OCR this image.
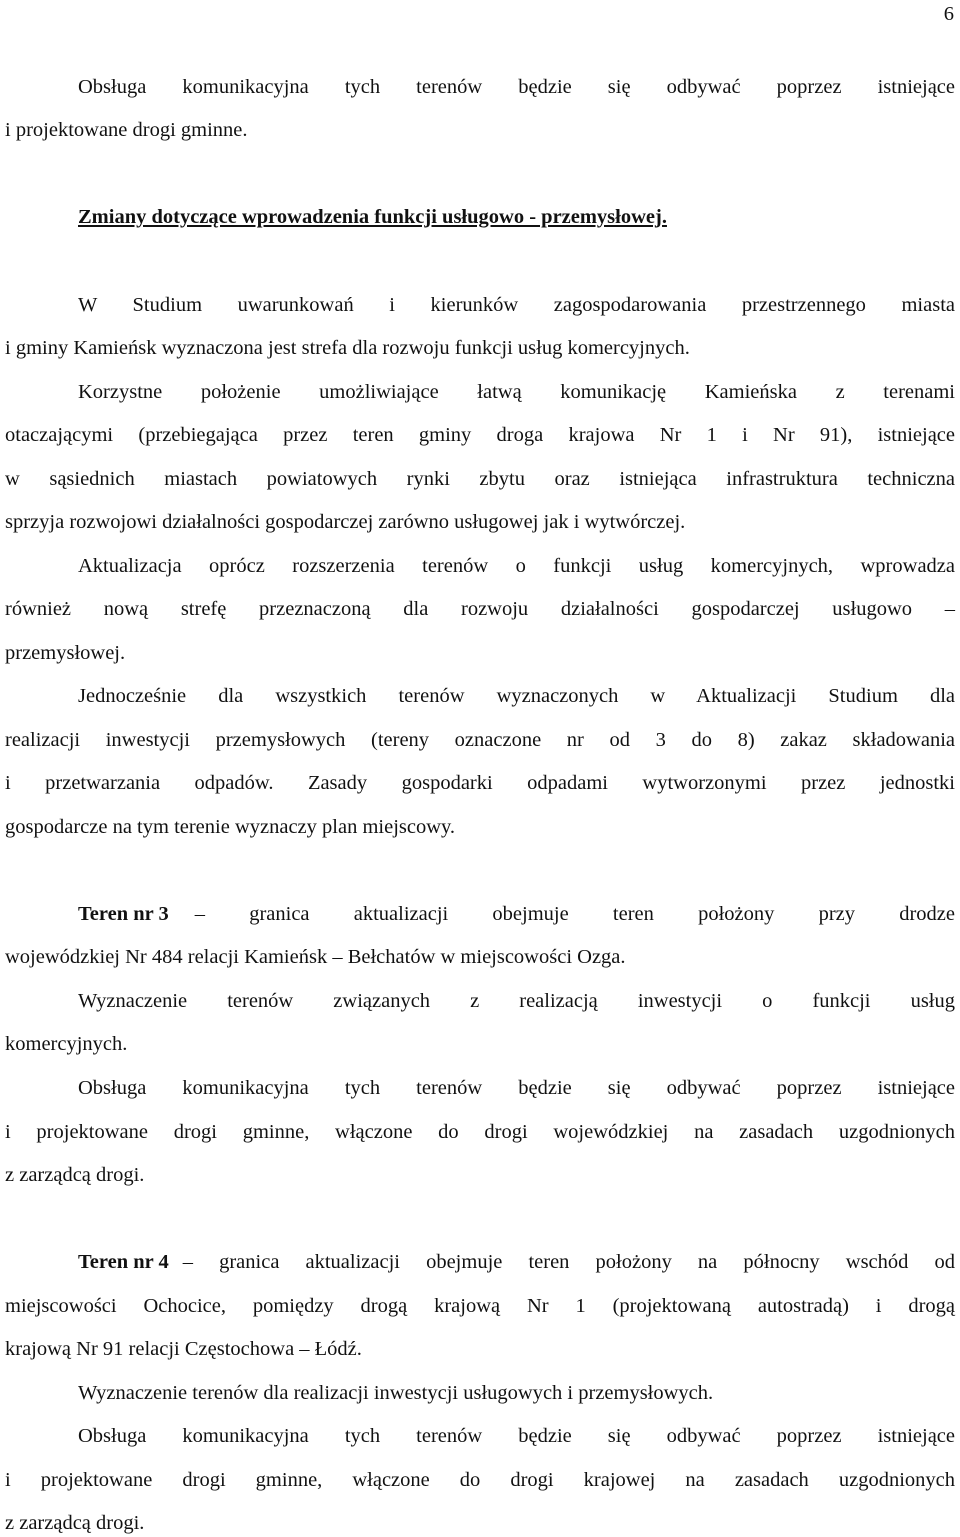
6
Obsługa komunikacyjna tych terenów będzie się odbywać poprzez istniejące
i projektowane drogi gminne.
Zmiany dotyczące wprowadzenia funkcji usługowo - przemysłowej.
W Studium uwarunkowań i kierunków zagospodarowania przestrzennego miasta
i gminy Kamieńsk wyznaczona jest strefa dla rozwoju funkcji usług komercyjnych.
Korzystne położenie umożliwiające łatwą komunikację Kamieńska z terenami
otaczającymi (przebiegająca przez teren gminy droga krajowa Nr 1 i Nr 91), istniejące
w sąsiednich miastach powiatowych rynki zbytu oraz istniejąca infrastruktura techniczna
sprzyja rozwojowi działalności gospodarczej zarówno usługowej jak i wytwórczej.
Aktualizacja oprócz rozszerzenia terenów o funkcji usług komercyjnych, wprowadza
również nową strefę przeznaczoną dla rozwoju działalności gospodarczej usługowo –
przemysłowej.
Jednocześnie dla wszystkich terenów wyznaczonych w Aktualizacji Studium dla
realizacji inwestycji przemysłowych (tereny oznaczone nr od 3 do 8) zakaz składowania
i przetwarzania odpadów. Zasady gospodarki odpadami wytworzonymi przez jednostki
gospodarcze na tym terenie wyznaczy plan miejscowy.
Teren nr 3 – granica aktualizacji obejmuje teren położony przy drodze
wojewódzkiej Nr 484 relacji Kamieńsk – Bełchatów w miejscowości Ozga.
Wyznaczenie terenów związanych z realizacją inwestycji o funkcji usług
komercyjnych.
Obsługa komunikacyjna tych terenów będzie się odbywać poprzez istniejące
i projektowane drogi gminne, włączone do drogi wojewódzkiej na zasadach uzgodnionych
z zarządcą drogi.
Teren nr 4 – granica aktualizacji obejmuje teren położony na północny wschód od
miejscowości Ochocice, pomiędzy drogą krajową Nr 1 (projektowaną autostradą) i drogą
krajową Nr 91 relacji Częstochowa – Łódź.
Wyznaczenie terenów dla realizacji inwestycji usługowych i przemysłowych.
Obsługa komunikacyjna tych terenów będzie się odbywać poprzez istniejące
i projektowane drogi gminne, włączone do drogi krajowej na zasadach uzgodnionych
z zarządcą drogi.
